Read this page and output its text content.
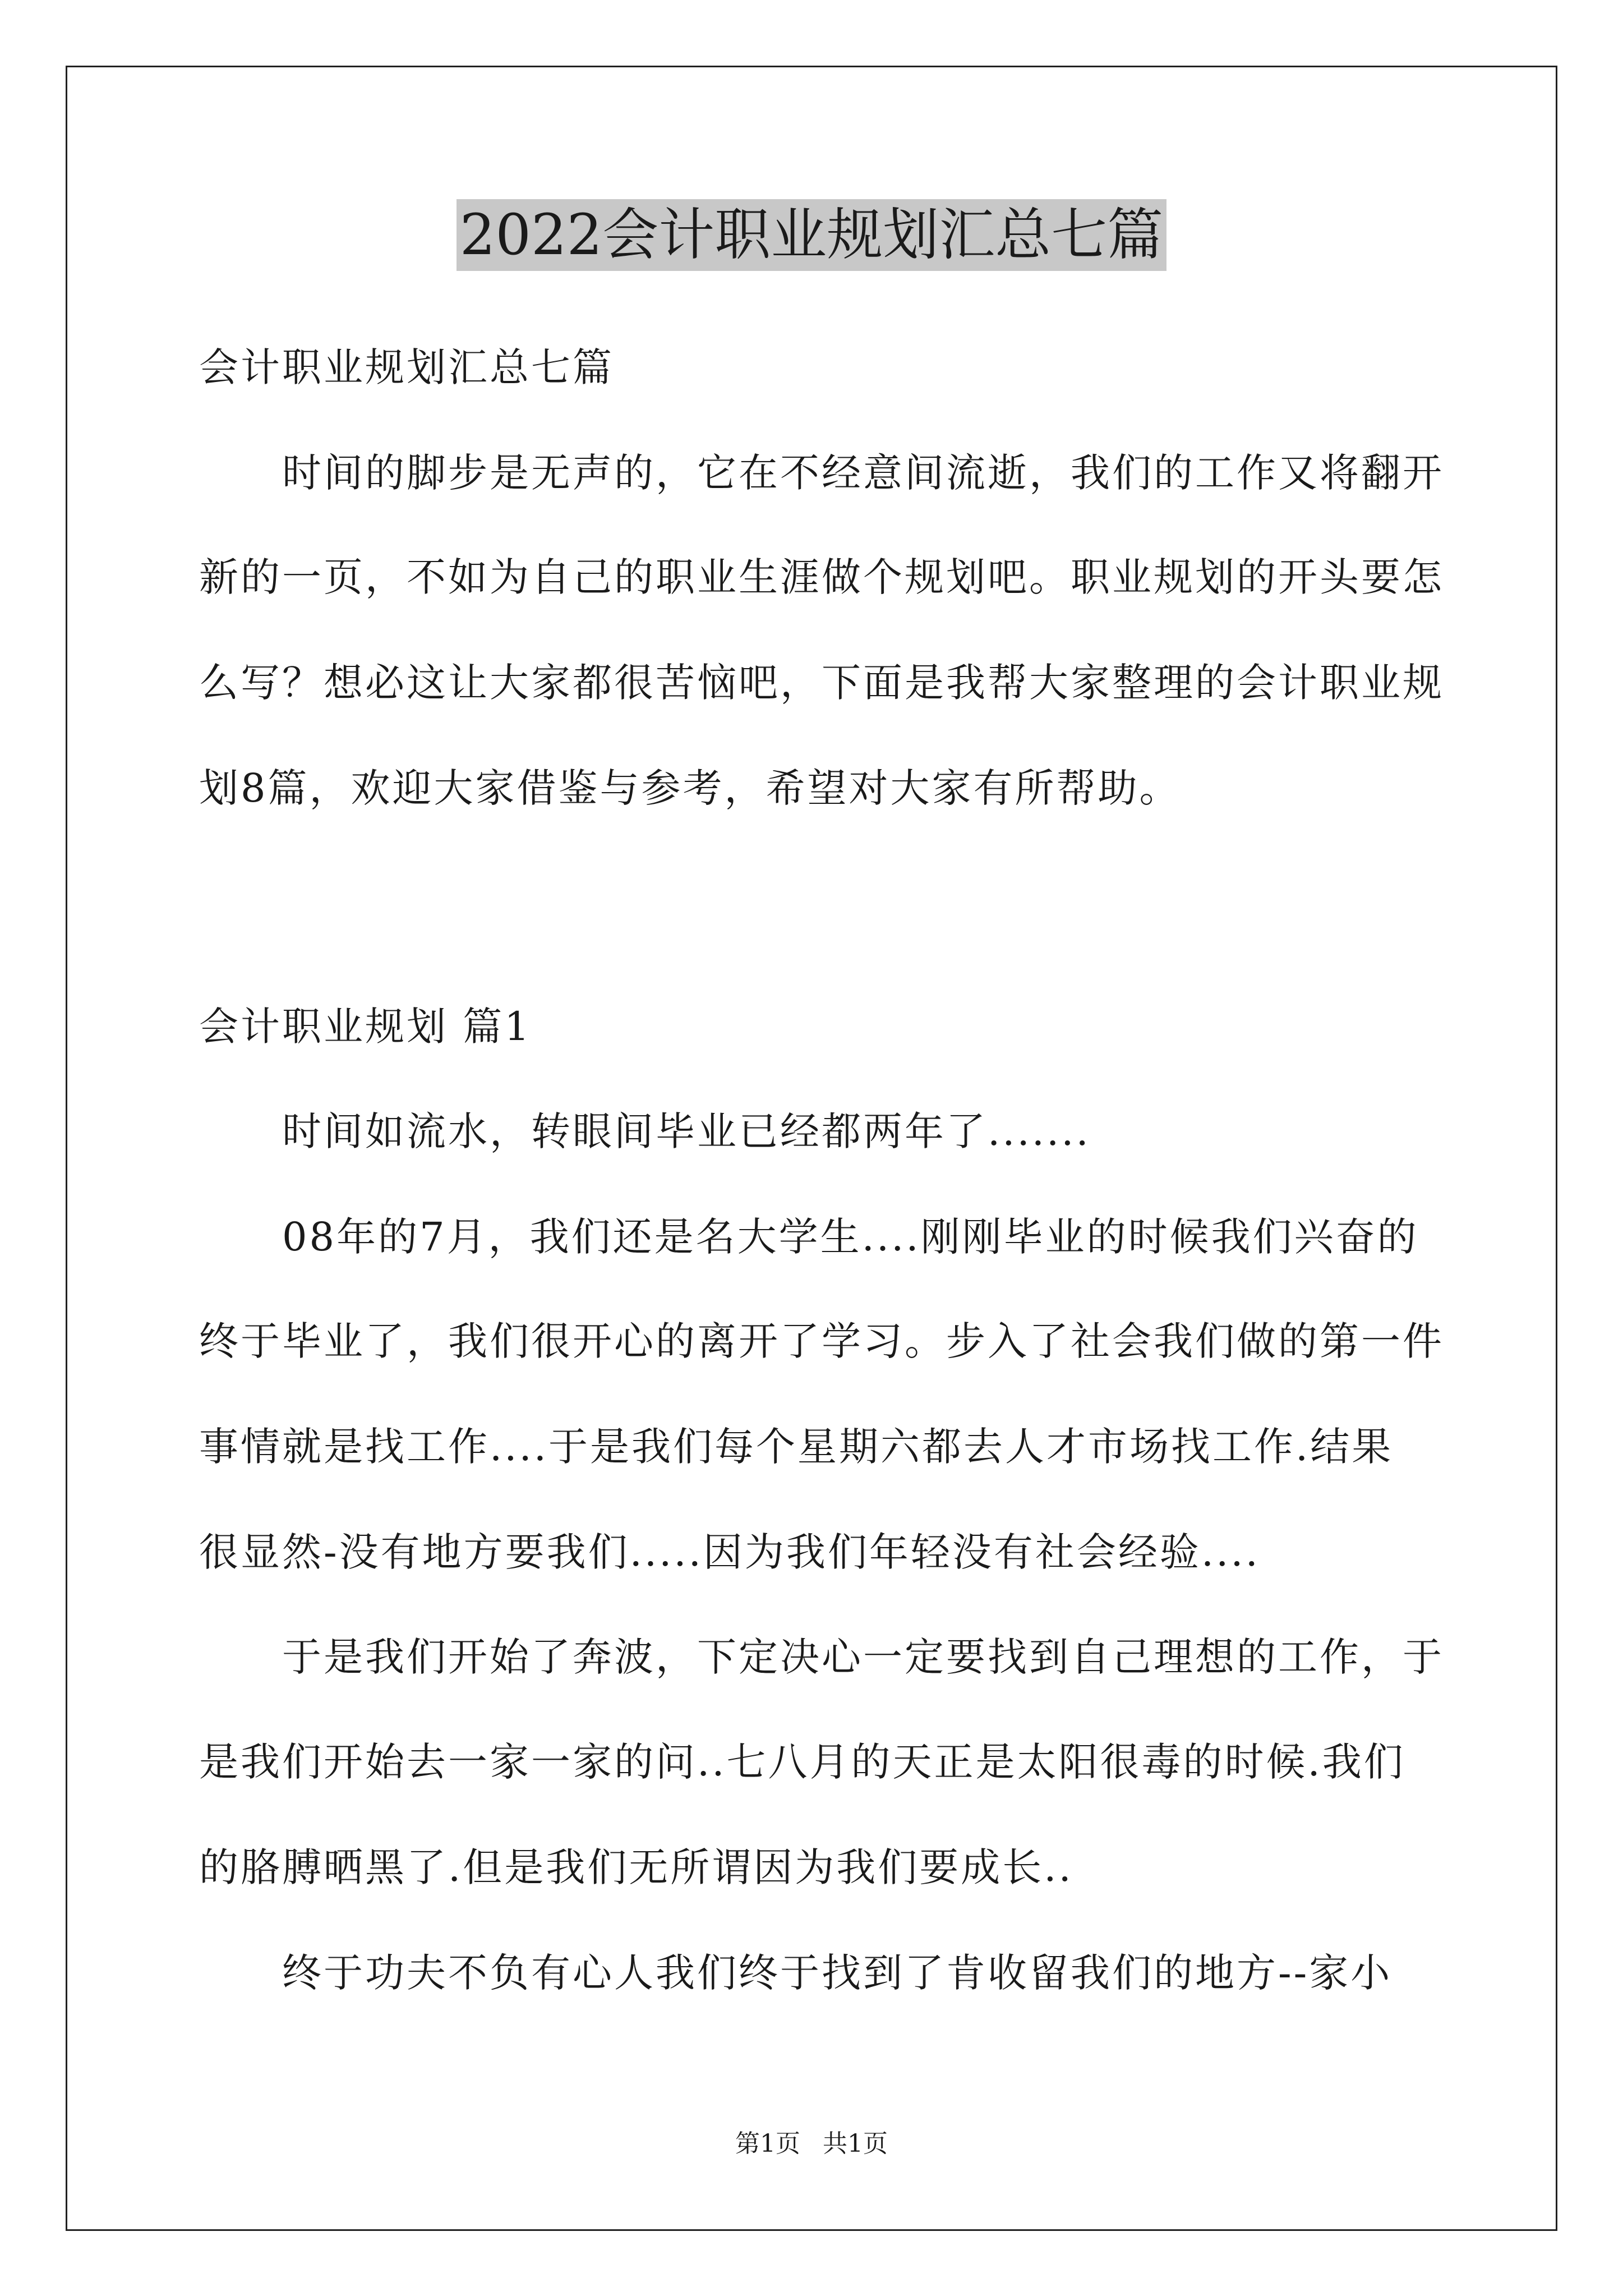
2022会计职业规划汇总七篇
会计职业规划汇总七篇
时间的脚步是无声的，它在不经意间流逝，我们的工作又将翻开
新的一页，不如为自己的职业生涯做个规划吧。职业规划的开头要怎
么写？想必这让大家都很苦恼吧，下面是我帮大家整理的会计职业规
划8篇，欢迎大家借鉴与参考，希望对大家有所帮助。
会计职业规划 篇1
时间如流水，转眼间毕业已经都两年了.......
08年的7月，我们还是名大学生....刚刚毕业的时候我们兴奋的
终于毕业了，我们很开心的离开了学习。步入了社会我们做的第一件
事情就是找工作....于是我们每个星期六都去人才市场找工作.结果
很显然-没有地方要我们.....因为我们年轻没有社会经验....
于是我们开始了奔波，下定决心一定要找到自己理想的工作，于
是我们开始去一家一家的问..七八月的天正是太阳很毒的时候.我们
的胳膊晒黑了.但是我们无所谓因为我们要成长..
终于功夫不负有心人我们终于找到了肯收留我们的地方--家小
第1页 共1页
